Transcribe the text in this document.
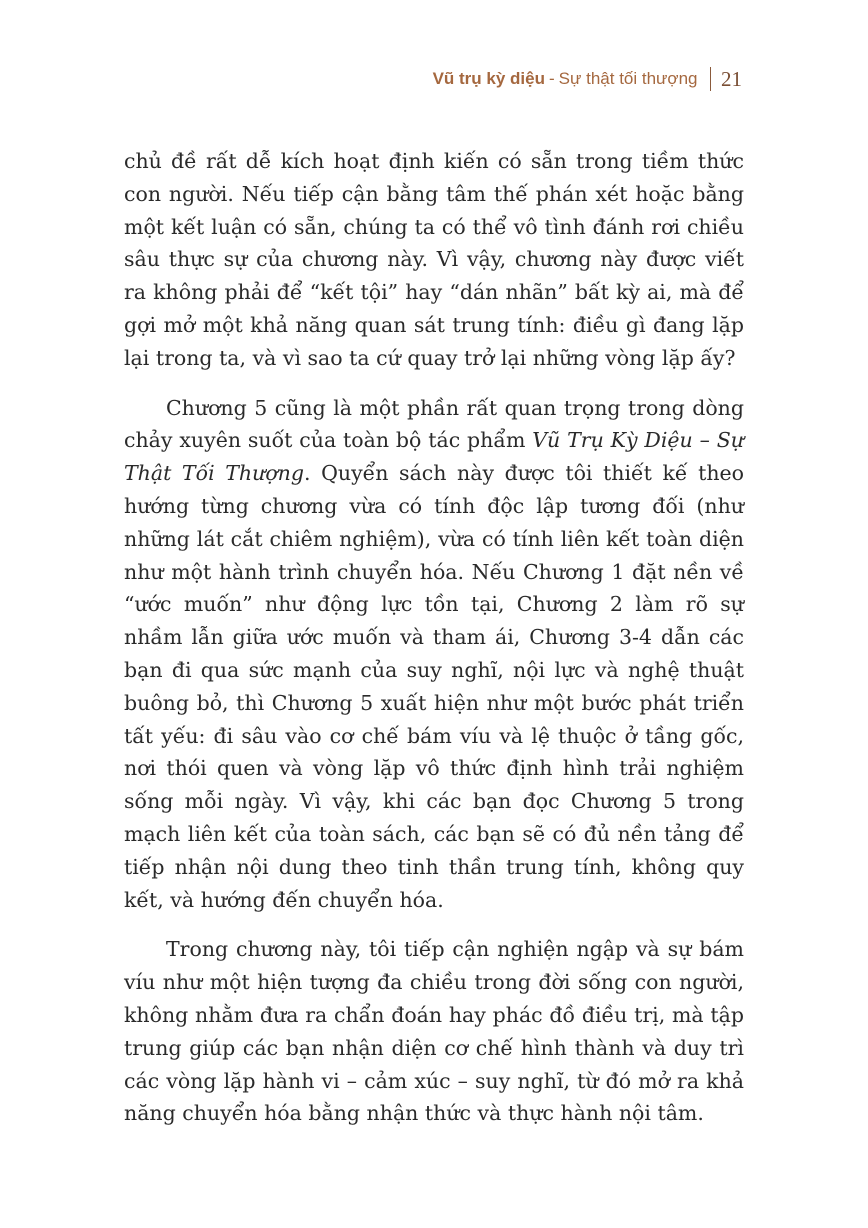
Vũ trụ kỳ diệu - Sự thật tối thượng 21

chủ đề rất dễ kích hoạt định kiến có sẵn trong tiềm thức con người. Nếu tiếp cận bằng tâm thế phán xét hoặc bằng một kết luận có sẵn, chúng ta có thể vô tình đánh rơi chiều sâu thực sự của chương này. Vì vậy, chương này được viết ra không phải để “kết tội” hay “dán nhãn” bất kỳ ai, mà để gợi mở một khả năng quan sát trung tính: điều gì đang lặp lại trong ta, và vì sao ta cứ quay trở lại những vòng lặp ấy?

Chương 5 cũng là một phần rất quan trọng trong dòng chảy xuyên suốt của toàn bộ tác phẩm Vũ Trụ Kỳ Diệu – Sự Thật Tối Thượng. Quyển sách này được tôi thiết kế theo hướng từng chương vừa có tính độc lập tương đối (như những lát cắt chiêm nghiệm), vừa có tính liên kết toàn diện như một hành trình chuyển hóa. Nếu Chương 1 đặt nền về “ước muốn” như động lực tồn tại, Chương 2 làm rõ sự nhầm lẫn giữa ước muốn và tham ái, Chương 3-4 dẫn các bạn đi qua sức mạnh của suy nghĩ, nội lực và nghệ thuật buông bỏ, thì Chương 5 xuất hiện như một bước phát triển tất yếu: đi sâu vào cơ chế bám víu và lệ thuộc ở tầng gốc, nơi thói quen và vòng lặp vô thức định hình trải nghiệm sống mỗi ngày. Vì vậy, khi các bạn đọc Chương 5 trong mạch liên kết của toàn sách, các bạn sẽ có đủ nền tảng để tiếp nhận nội dung theo tinh thần trung tính, không quy kết, và hướng đến chuyển hóa.

Trong chương này, tôi tiếp cận nghiện ngập và sự bám víu như một hiện tượng đa chiều trong đời sống con người, không nhằm đưa ra chẩn đoán hay phác đồ điều trị, mà tập trung giúp các bạn nhận diện cơ chế hình thành và duy trì các vòng lặp hành vi – cảm xúc – suy nghĩ, từ đó mở ra khả năng chuyển hóa bằng nhận thức và thực hành nội tâm.
